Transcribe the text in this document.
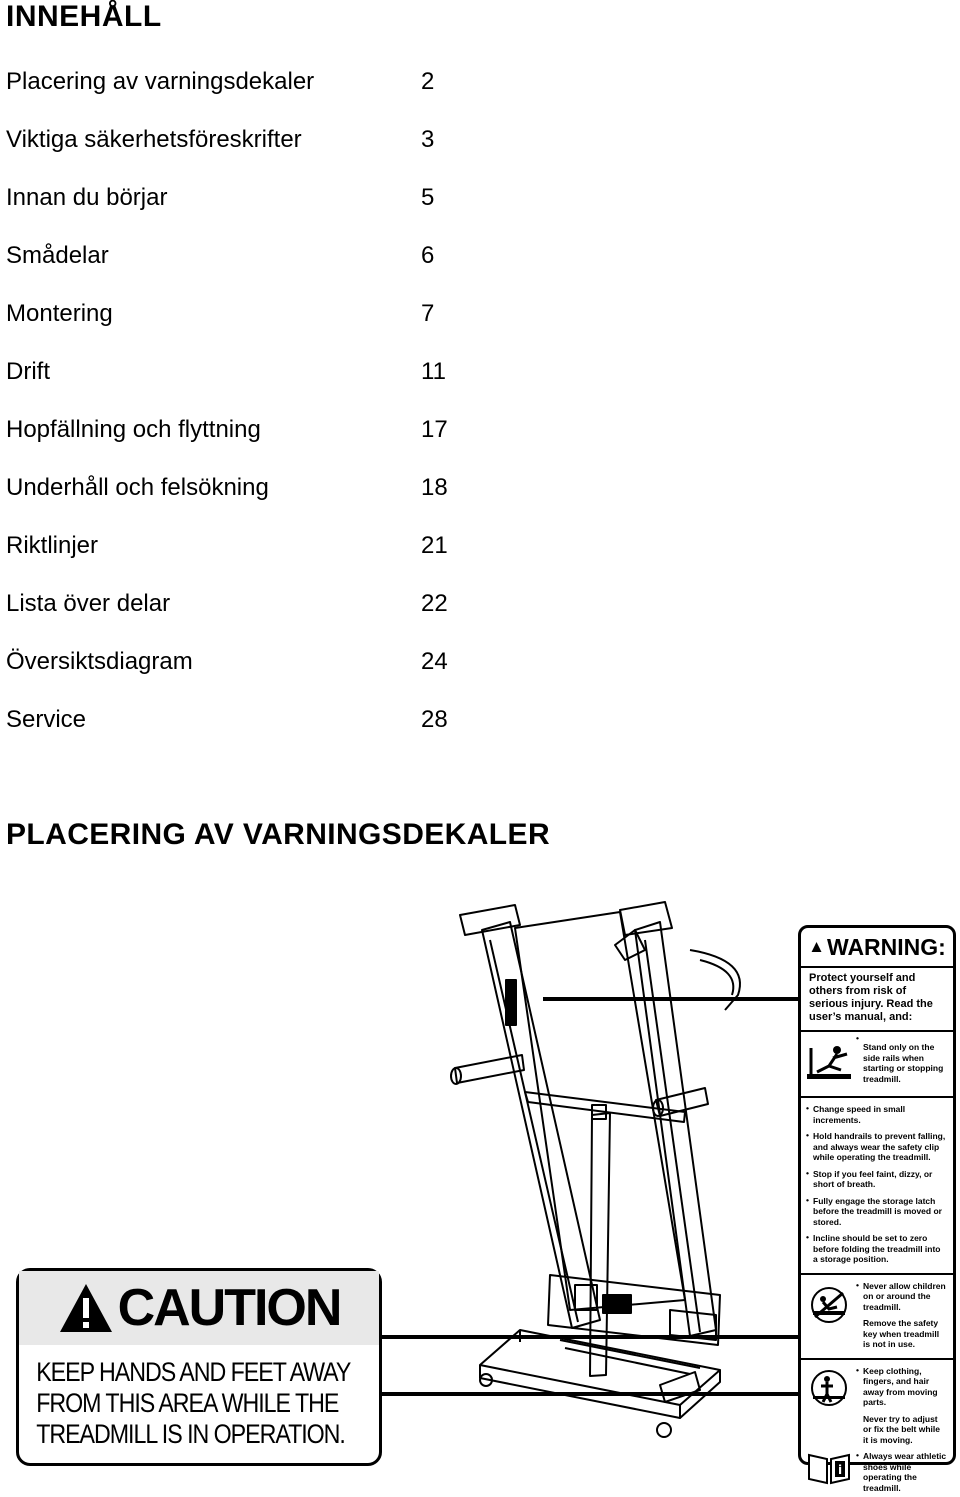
INNEHÅLL
Placering av varningsdekaler	2
Viktiga säkerhetsföreskrifter	3
Innan du börjar	5
Smådelar	6
Montering	7
Drift	11
Hopfällning och flyttning	17
Underhåll och felsökning	18
Riktlinjer	21
Lista över delar	22
Översiktsdiagram	24
Service	28
PLACERING AV VARNINGSDEKALER
▲ WARNING:
Protect yourself and others from risk of serious injury. Read the user’s manual, and:
• Stand only on the side rails when starting or stopping treadmill.
• Change speed in small increments.
• Hold handrails to prevent falling, and always wear the safety clip while operating the treadmill.
• Stop if you feel faint, dizzy, or short of breath.
• Fully engage the storage latch before the treadmill is moved or stored.
• Incline should be set to zero before folding the treadmill into a storage position.
• Never allow children on or around the treadmill.
Remove the safety key when treadmill is not in use.
• Keep clothing, fingers, and hair away from moving parts.
Never try to adjust or fix the belt while it is moving.
• i
Always wear athletic shoes while operating the treadmill.
CAUTION
KEEP HANDS AND FEET AWAY
FROM THIS AREA WHILE THE
TREADMILL IS IN OPERATION.
